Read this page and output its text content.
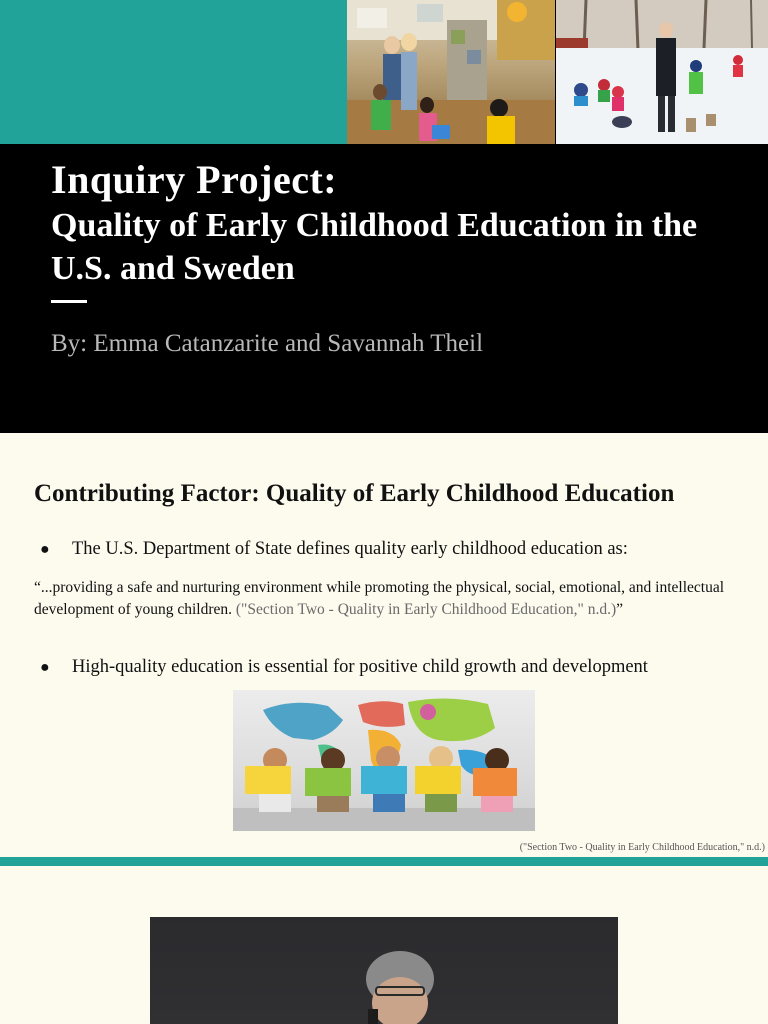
Inquiry Project:
Quality of Early Childhood Education in the U.S. and Sweden

By: Emma Catanzarite and Savannah Theil

Contributing Factor: Quality of Early Childhood Education
●	The U.S. Department of State defines quality early childhood education as:

“...providing a safe and nurturing environment while promoting the physical, social, emotional, and intellectual development of young children. ("Section Two - Quality in Early Childhood Education," n.d.)”

●	High-quality education is essential for positive child growth and development

("Section Two - Quality in Early Childhood Education," n.d.)
